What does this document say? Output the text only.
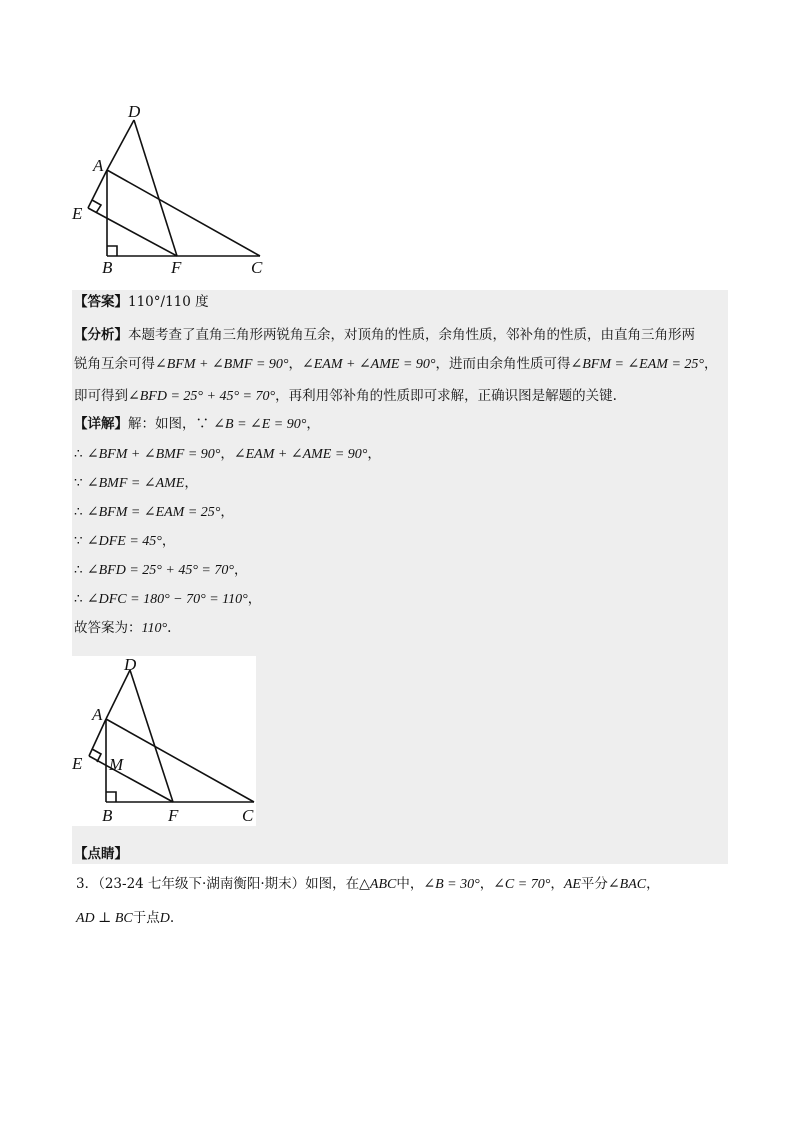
D
A
E
B	F	C
【答案】110°/110 度
【分析】本题考查了直角三角形两锐角互余，对顶角的性质，余角性质，邻补角的性质，由直角三角形两
锐角互余可得∠BFM + ∠BMF = 90°，∠EAM + ∠AME = 90°，进而由余角性质可得∠BFM = ∠EAM = 25°，
即可得到∠BFD = 25° + 45° = 70°，再利用邻补角的性质即可求解，正确识图是解题的关键.
【详解】解：如图，∵ ∠B = ∠E = 90°，
∴ ∠BFM + ∠BMF = 90°，∠EAM + ∠AME = 90°，
∵ ∠BMF = ∠AME，
∴ ∠BFM = ∠EAM = 25°，
∵ ∠DFE = 45°，
∴ ∠BFD = 25° + 45° = 70°，
∴ ∠DFC = 180° − 70° = 110°，
故答案为：110°.
D
A
E M
B	F	C
【点睛】
3．（23-24 七年级下·湖南衡阳·期末）如图，在△ABC中，∠B = 30°，∠C = 70°，AE平分∠BAC，
AD ⊥ BC于点D.
